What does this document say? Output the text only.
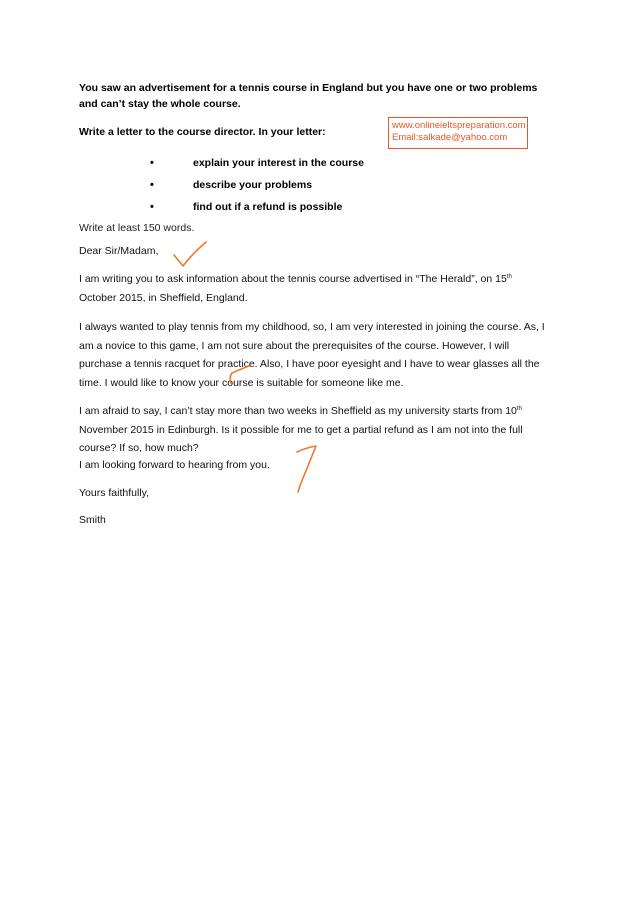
You saw an advertisement for a tennis course in England but you have one or two problems
and can’t stay the whole course.
Write a letter to the course director. In your letter:
www.onlineieltspreparation.com
Email:salkade@yahoo.com
•	explain your interest in the course
•	describe your problems
•	find out if a refund is possible
Write at least 150 words.
Dear Sir/Madam,
I am writing you to ask information about the tennis course advertised in “The Herald”, on 15th
October 2015, in Sheffield, England.
I always wanted to play tennis from my childhood, so, I am very interested in joining the course. As, I
am a novice to this game, I am not sure about the prerequisites of the course. However, I will
purchase a tennis racquet for practice. Also, I have poor eyesight and I have to wear glasses all the
time. I would like to know your course is suitable for someone like me.
I am afraid to say, I can’t stay more than two weeks in Sheffield as my university starts from 10th
November 2015 in Edinburgh. Is it possible for me to get a partial refund as I am not into the full
course? If so, how much?
I am looking forward to hearing from you.
Yours faithfully,
Smith
